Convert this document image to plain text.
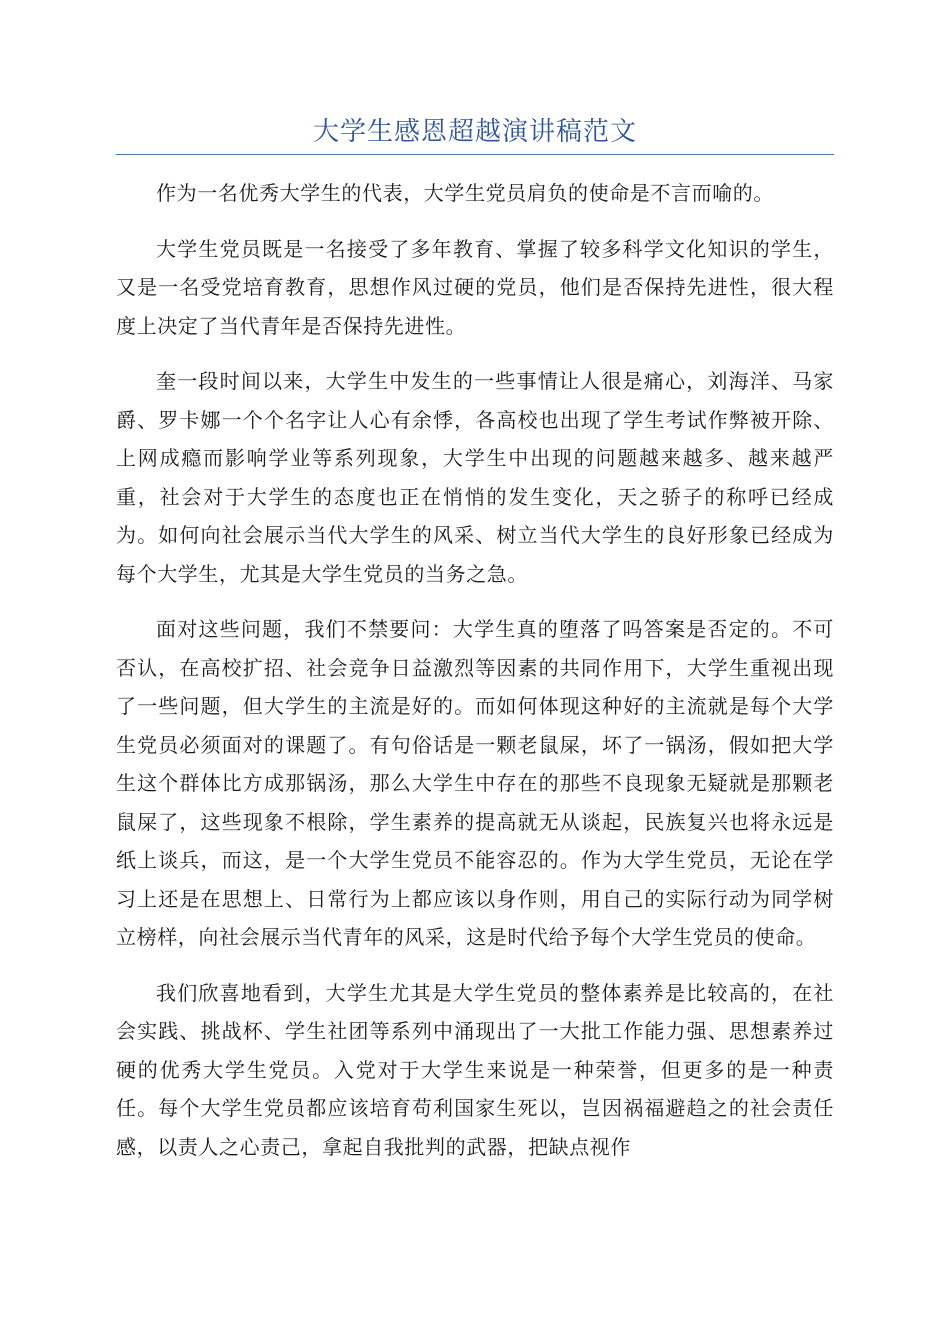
大学生感恩超越演讲稿范文

作为一名优秀大学生的代表，大学生党员肩负的使命是不言而喻的。

大学生党员既是一名接受了多年教育、掌握了较多科学文化知识的学生，又是一名受党培育教育，思想作风过硬的党员，他们是否保持先进性，很大程度上决定了当代青年是否保持先进性。

奎一段时间以来，大学生中发生的一些事情让人很是痛心，刘海洋、马家爵、罗卡娜一个个名字让人心有余悸，各高校也出现了学生考试作弊被开除、上网成瘾而影响学业等系列现象，大学生中出现的问题越来越多、越来越严重，社会对于大学生的态度也正在悄悄的发生变化，天之骄子的称呼已经成为。如何向社会展示当代大学生的风采、树立当代大学生的良好形象已经成为每个大学生，尤其是大学生党员的当务之急。

面对这些问题，我们不禁要问：大学生真的堕落了吗答案是否定的。不可否认，在高校扩招、社会竞争日益激烈等因素的共同作用下，大学生重视出现了一些问题，但大学生的主流是好的。而如何体现这种好的主流就是每个大学生党员必须面对的课题了。有句俗话是一颗老鼠屎，坏了一锅汤，假如把大学生这个群体比方成那锅汤，那么大学生中存在的那些不良现象无疑就是那颗老鼠屎了，这些现象不根除，学生素养的提高就无从谈起，民族复兴也将永远是纸上谈兵，而这，是一个大学生党员不能容忍的。作为大学生党员，无论在学习上还是在思想上、日常行为上都应该以身作则，用自己的实际行动为同学树立榜样，向社会展示当代青年的风采，这是时代给予每个大学生党员的使命。

我们欣喜地看到，大学生尤其是大学生党员的整体素养是比较高的，在社会实践、挑战杯、学生社团等系列中涌现出了一大批工作能力强、思想素养过硬的优秀大学生党员。入党对于大学生来说是一种荣誉，但更多的是一种责任。每个大学生党员都应该培育苟利国家生死以，岂因祸福避趋之的社会责任感，以责人之心责己，拿起自我批判的武器，把缺点视作
